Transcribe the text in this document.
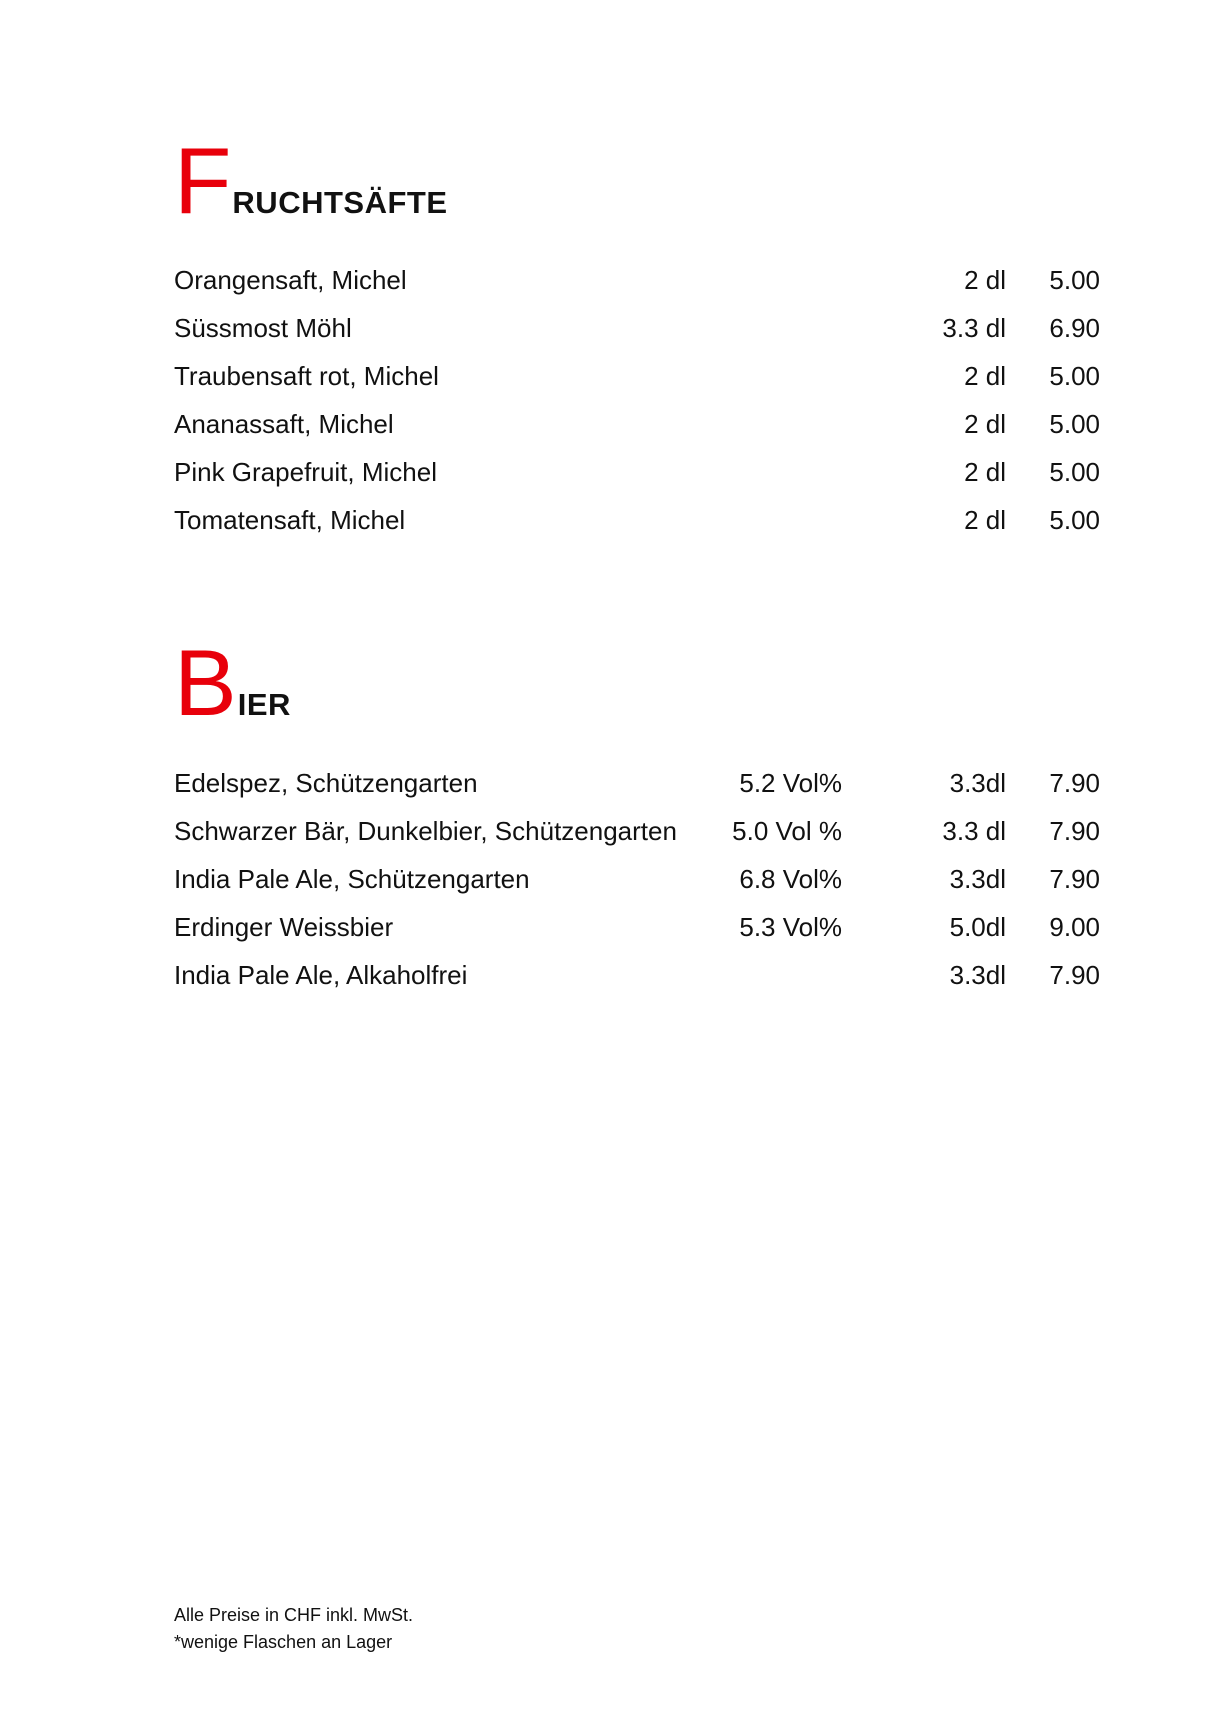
FRUCHTSÄFTE
Orangensaft, Michel	2 dl 5.00
Süssmost Möhl	3.3 dl 6.90
Traubensaft rot, Michel	2 dl 5.00
Ananassaft, Michel	2 dl 5.00
Pink Grapefruit, Michel	2 dl 5.00
Tomatensaft, Michel	2 dl 5.00
BIER
Edelspez, Schützengarten	5.2 Vol%	3.3dl 7.90
Schwarzer Bär, Dunkelbier, Schützengarten 5.0 Vol %	3.3 dl 7.90
India Pale Ale, Schützengarten	6.8 Vol%	3.3dl 7.90
Erdinger Weissbier	5.3 Vol%	5.0dl 9.00
India Pale Ale, Alkaholfrei	3.3dl 7.90

Alle Preise in CHF inkl. MwSt.

*wenige Flaschen an Lager
